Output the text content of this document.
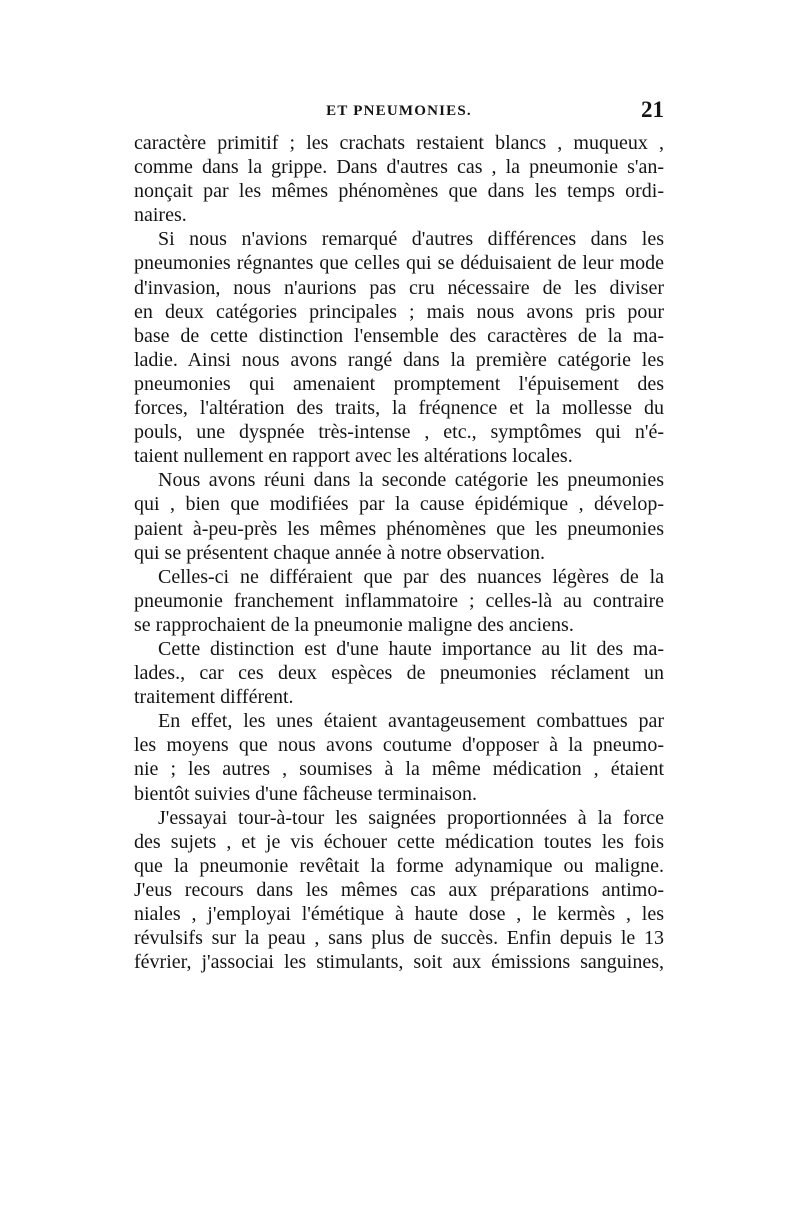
ET PNEUMONIES.	21
caractère primitif ; les crachats restaient blancs , muqueux ,
comme dans la grippe. Dans d'autres cas , la pneumonie s'an-
nonçait par les mêmes phénomènes que dans les temps ordi-
naires.
Si nous n'avions remarqué d'autres différences dans les
pneumonies régnantes que celles qui se déduisaient de leur mode
d'invasion, nous n'aurions pas cru nécessaire de les diviser
en deux catégories principales ; mais nous avons pris pour
base de cette distinction l'ensemble des caractères de la ma-
ladie. Ainsi nous avons rangé dans la première catégorie les
pneumonies qui amenaient promptement l'épuisement des
forces, l'altération des traits, la fréqnence et la mollesse du
pouls, une dyspnée très-intense , etc., symptômes qui n'é-
taient nullement en rapport avec les altérations locales.
Nous avons réuni dans la seconde catégorie les pneumonies
qui , bien que modifiées par la cause épidémique , dévelop-
paient à-peu-près les mêmes phénomènes que les pneumonies
qui se présentent chaque année à notre observation.
Celles-ci ne différaient que par des nuances légères de la
pneumonie franchement inflammatoire ; celles-là au contraire
se rapprochaient de la pneumonie maligne des anciens.
Cette distinction est d'une haute importance au lit des ma-
lades., car ces deux espèces de pneumonies réclament un
traitement différent.
En effet, les unes étaient avantageusement combattues par
les moyens que nous avons coutume d'opposer à la pneumo-
nie ; les autres , soumises à la même médication , étaient
bientôt suivies d'une fâcheuse terminaison.
J'essayai tour-à-tour les saignées proportionnées à la force
des sujets , et je vis échouer cette médication toutes les fois
que la pneumonie revêtait la forme adynamique ou maligne.
J'eus recours dans les mêmes cas aux préparations antimo-
niales , j'employai l'émétique à haute dose , le kermès , les
révulsifs sur la peau , sans plus de succès. Enfin depuis le 13
février, j'associai les stimulants, soit aux émissions sanguines,
